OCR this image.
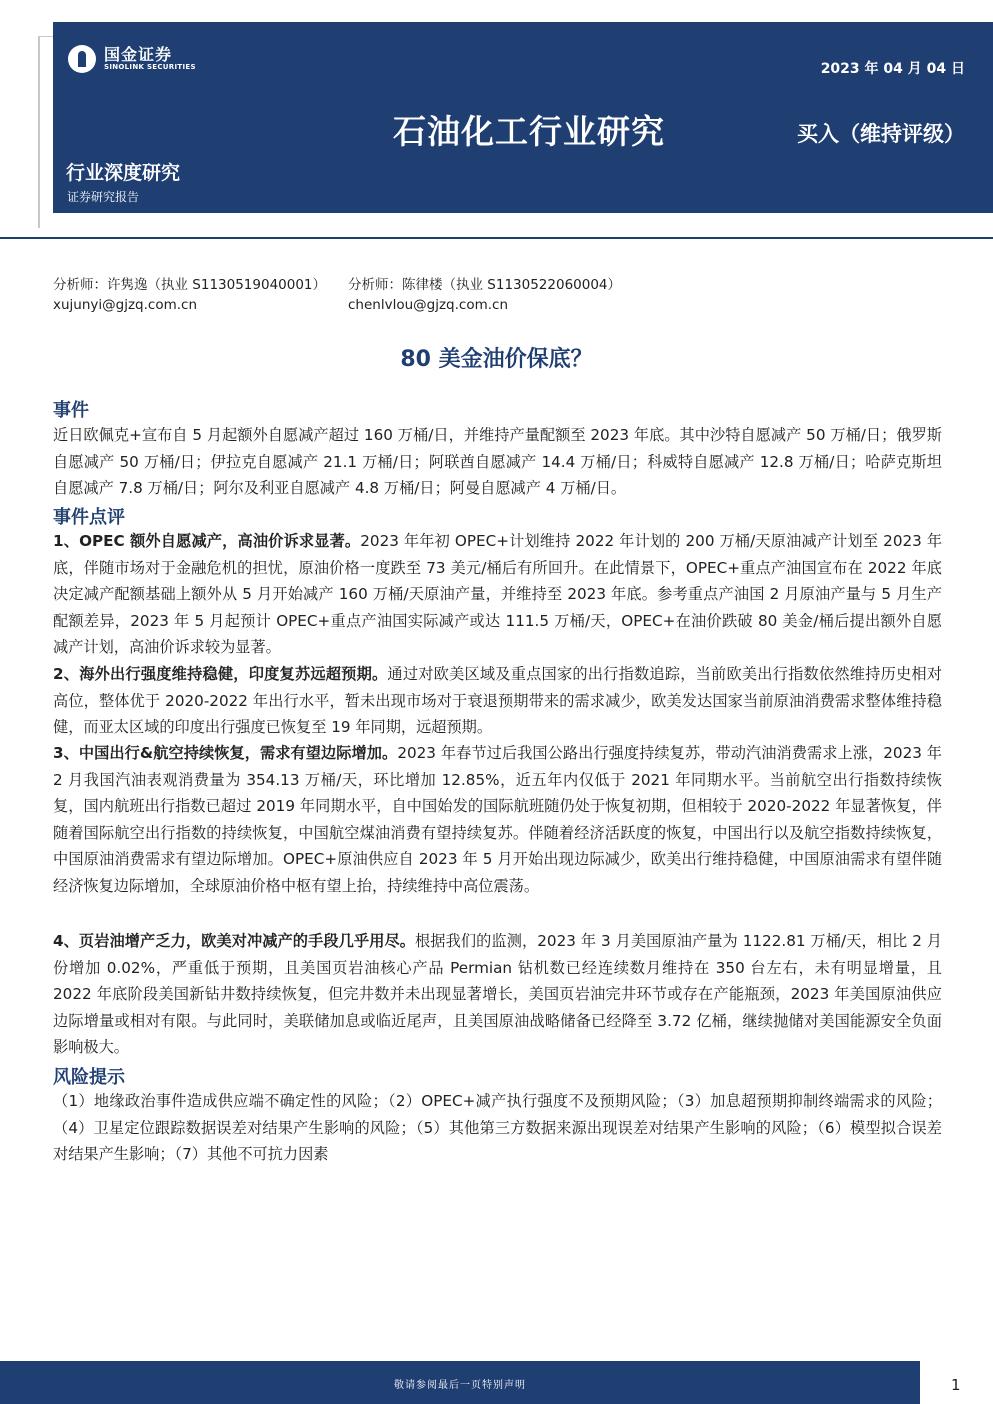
国金证券
SINOLINK SECURITIES	2023 年 04 月 04 日
石油化工行业研究	买入（维持评级）
行业深度研究
证券研究报告
分析师：许隽逸（执业 S1130519040001）
xujunyi@gjzq.com.cn
分析师：陈律楼（执业 S1130522060004）
chenlvlou@gjzq.com.cn
80 美金油价保底？
事件
近日欧佩克+宣布自 5 月起额外自愿减产超过 160 万桶/日，并维持产量配额至 2023 年底。其中沙特自愿减产 50 万桶/日；俄罗斯自愿减产 50 万桶/日；伊拉克自愿减产 21.1 万桶/日；阿联酋自愿减产 14.4 万桶/日；科威特自愿减产 12.8 万桶/日；哈萨克斯坦自愿减产 7.8 万桶/日；阿尔及利亚自愿减产 4.8 万桶/日；阿曼自愿减产 4 万桶/日。
事件点评
1、OPEC 额外自愿减产，高油价诉求显著。2023 年年初 OPEC+计划维持 2022 年计划的 200 万桶/天原油减产计划至 2023 年底，伴随市场对于金融危机的担忧，原油价格一度跌至 73 美元/桶后有所回升。在此情景下，OPEC+重点产油国宣布在 2022 年底决定减产配额基础上额外从 5 月开始减产 160 万桶/天原油产量，并维持至 2023 年底。参考重点产油国 2 月原油产量与 5 月生产配额差异，2023 年 5 月起预计 OPEC+重点产油国实际减产或达 111.5 万桶/天，OPEC+在油价跌破 80 美金/桶后提出额外自愿减产计划，高油价诉求较为显著。
2、海外出行强度维持稳健，印度复苏远超预期。通过对欧美区域及重点国家的出行指数追踪，当前欧美出行指数依然维持历史相对高位，整体优于 2020-2022 年出行水平，暂未出现市场对于衰退预期带来的需求减少，欧美发达国家当前原油消费需求整体维持稳健，而亚太区域的印度出行强度已恢复至 19 年同期，远超预期。
3、中国出行&航空持续恢复，需求有望边际增加。2023 年春节过后我国公路出行强度持续复苏，带动汽油消费需求上涨，2023 年 2 月我国汽油表观消费量为 354.13 万桶/天，环比增加 12.85%，近五年内仅低于 2021 年同期水平。当前航空出行指数持续恢复，国内航班出行指数已超过 2019 年同期水平，自中国始发的国际航班随仍处于恢复初期，但相较于 2020-2022 年显著恢复，伴随着国际航空出行指数的持续恢复，中国航空煤油消费有望持续复苏。伴随着经济活跃度的恢复，中国出行以及航空指数持续恢复，中国原油消费需求有望边际增加。OPEC+原油供应自 2023 年 5 月开始出现边际减少，欧美出行维持稳健，中国原油需求有望伴随经济恢复边际增加，全球原油价格中枢有望上抬，持续维持中高位震荡。
4、页岩油增产乏力，欧美对冲减产的手段几乎用尽。根据我们的监测，2023 年 3 月美国原油产量为 1122.81 万桶/天，相比 2 月份增加 0.02%，严重低于预期，且美国页岩油核心产品 Permian 钻机数已经连续数月维持在 350 台左右，未有明显增量，且 2022 年底阶段美国新钻井数持续恢复，但完井数并未出现显著增长，美国页岩油完井环节或存在产能瓶颈，2023 年美国原油供应边际增量或相对有限。与此同时，美联储加息或临近尾声，且美国原油战略储备已经降至 3.72 亿桶，继续抛储对美国能源安全负面影响极大。
风险提示
（1）地缘政治事件造成供应端不确定性的风险；（2）OPEC+减产执行强度不及预期风险；（3）加息超预期抑制终端需求的风险；（4）卫星定位跟踪数据误差对结果产生影响的风险；（5）其他第三方数据来源出现误差对结果产生影响的风险；（6）模型拟合误差对结果产生影响；（7）其他不可抗力因素
敬请参阅最后一页特别声明	1
